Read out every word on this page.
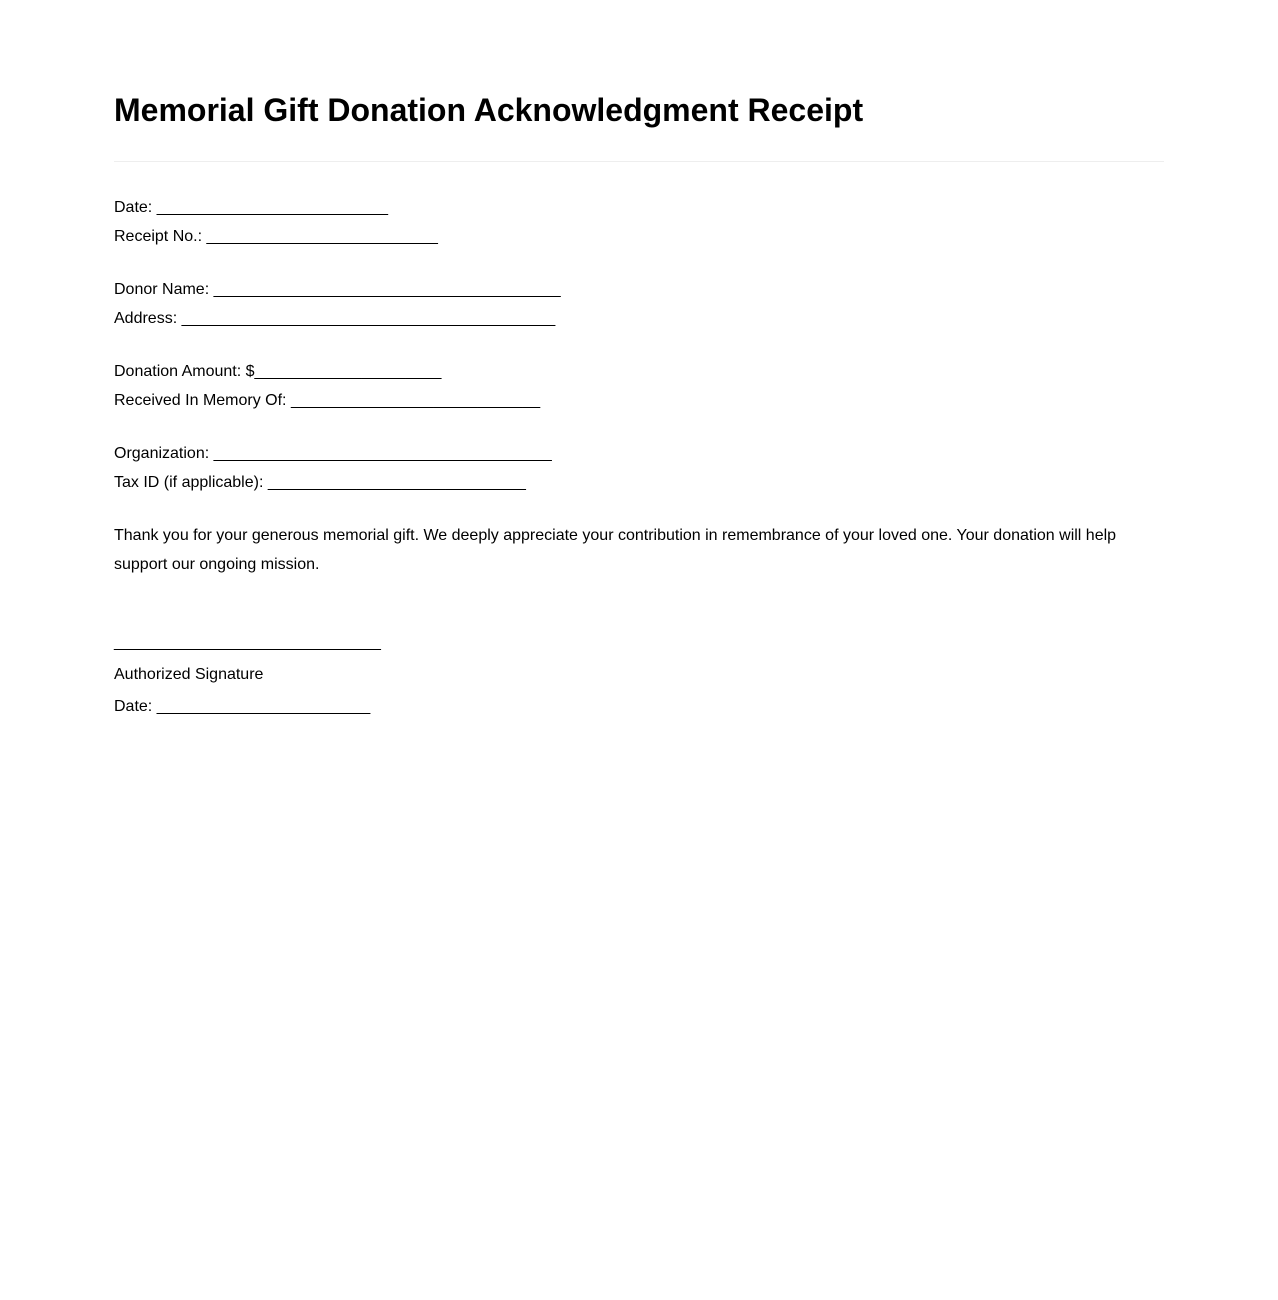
Memorial Gift Donation Acknowledgment Receipt
Date: __________________________
Receipt No.: __________________________
Donor Name: _______________________________________
Address: __________________________________________
Donation Amount: $_____________________
Received In Memory Of: ____________________________
Organization: ______________________________________
Tax ID (if applicable): _____________________________

Thank you for your generous memorial gift. We deeply appreciate your contribution in remembrance of your loved one. Your donation will help support our ongoing mission.

______________________________
Authorized Signature
Date: ________________________
